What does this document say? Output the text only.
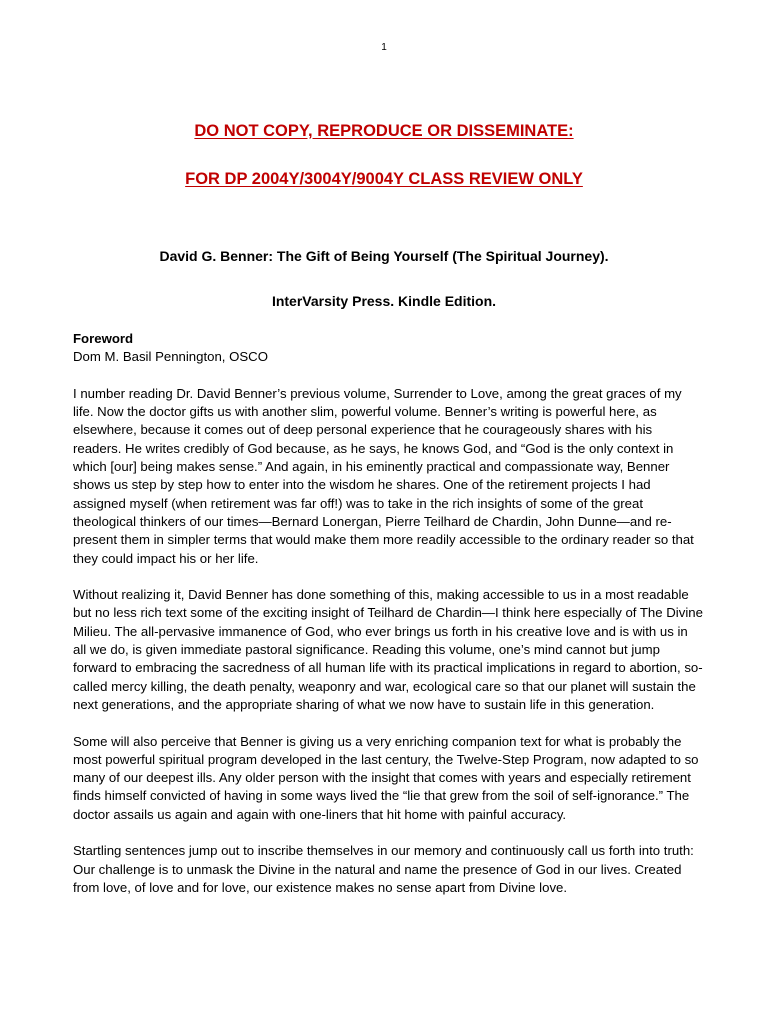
1
DO NOT COPY, REPRODUCE OR DISSEMINATE:
FOR DP 2004Y/3004Y/9004Y CLASS REVIEW ONLY
David G. Benner: The Gift of Being Yourself (The Spiritual Journey).
InterVarsity Press. Kindle Edition.

Foreword
Dom M. Basil Pennington, OSCO

I number reading Dr. David Benner’s previous volume, Surrender to Love, among the great graces of my life. Now the doctor gifts us with another slim, powerful volume. Benner’s writing is powerful here, as elsewhere, because it comes out of deep personal experience that he courageously shares with his readers. He writes credibly of God because, as he says, he knows God, and “God is the only context in which [our] being makes sense.” And again, in his eminently practical and compassionate way, Benner shows us step by step how to enter into the wisdom he shares. One of the retirement projects I had assigned myself (when retirement was far off!) was to take in the rich insights of some of the great theological thinkers of our times—Bernard Lonergan, Pierre Teilhard de Chardin, John Dunne—and re-present them in simpler terms that would make them more readily accessible to the ordinary reader so that they could impact his or her life.

Without realizing it, David Benner has done something of this, making accessible to us in a most readable but no less rich text some of the exciting insight of Teilhard de Chardin—I think here especially of The Divine Milieu. The all-pervasive immanence of God, who ever brings us forth in his creative love and is with us in all we do, is given immediate pastoral significance. Reading this volume, one’s mind cannot but jump forward to embracing the sacredness of all human life with its practical implications in regard to abortion, so-called mercy killing, the death penalty, weaponry and war, ecological care so that our planet will sustain the next generations, and the appropriate sharing of what we now have to sustain life in this generation.

Some will also perceive that Benner is giving us a very enriching companion text for what is probably the most powerful spiritual program developed in the last century, the Twelve-Step Program, now adapted to so many of our deepest ills. Any older person with the insight that comes with years and especially retirement finds himself convicted of having in some ways lived the “lie that grew from the soil of self-ignorance.” The doctor assails us again and again with one-liners that hit home with painful accuracy.

Startling sentences jump out to inscribe themselves in our memory and continuously call us forth into truth: Our challenge is to unmask the Divine in the natural and name the presence of God in our lives. Created from love, of love and for love, our existence makes no sense apart from Divine love.
